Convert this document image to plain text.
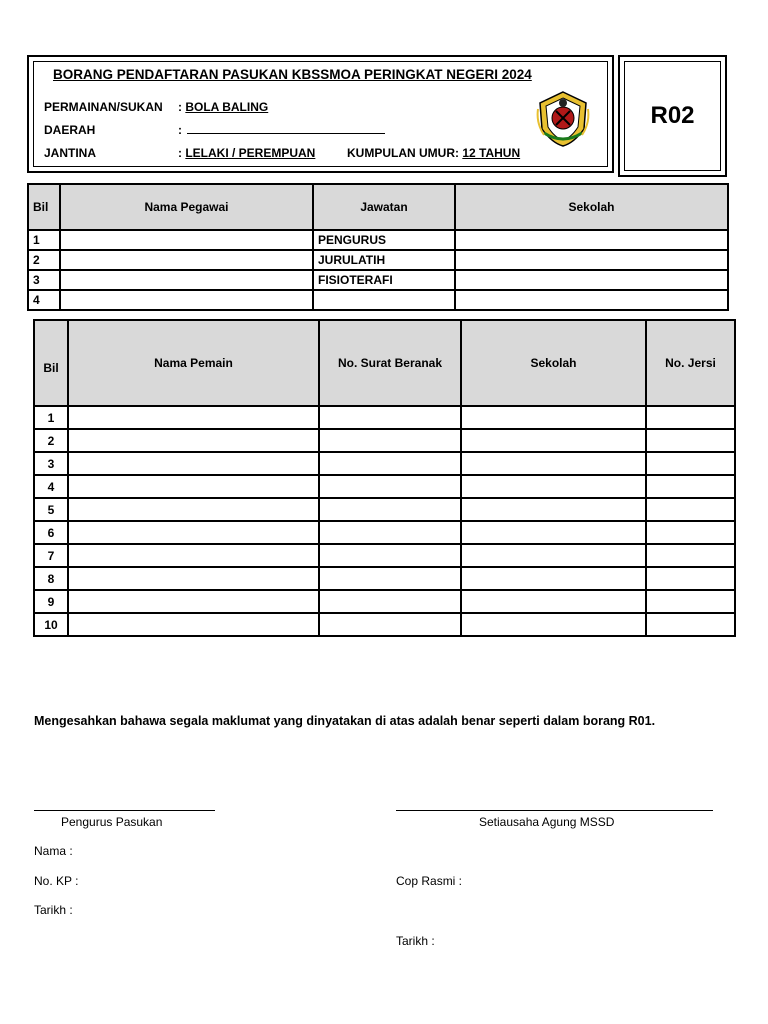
BORANG PENDAFTARAN PASUKAN KBSSMOA PERINGKAT NEGERI 2024
PERMAINAN/SUKAN : BOLA BALING
DAERAH	:
JANTINA	: LELAKI / PEREMPUAN	KUMPULAN UMUR: 12 TAHUN
R02
Bil	Nama Pegawai	Jawatan	Sekolah
1		PENGURUS	
2		JURULATIH	
3		FISIOTERAFI	
4			
Bil	Nama Pemain	No. Surat Beranak	Sekolah	No. Jersi
1				
2				
3				
4				
5				
6				
7				
8				
9				
10				
Mengesahkan bahawa segala maklumat yang dinyatakan di atas adalah benar seperti dalam borang R01.
Pengurus Pasukan	Setiausaha Agung MSSD
Nama :
No. KP :
Tarikh :
Cop Rasmi :
Tarikh :
